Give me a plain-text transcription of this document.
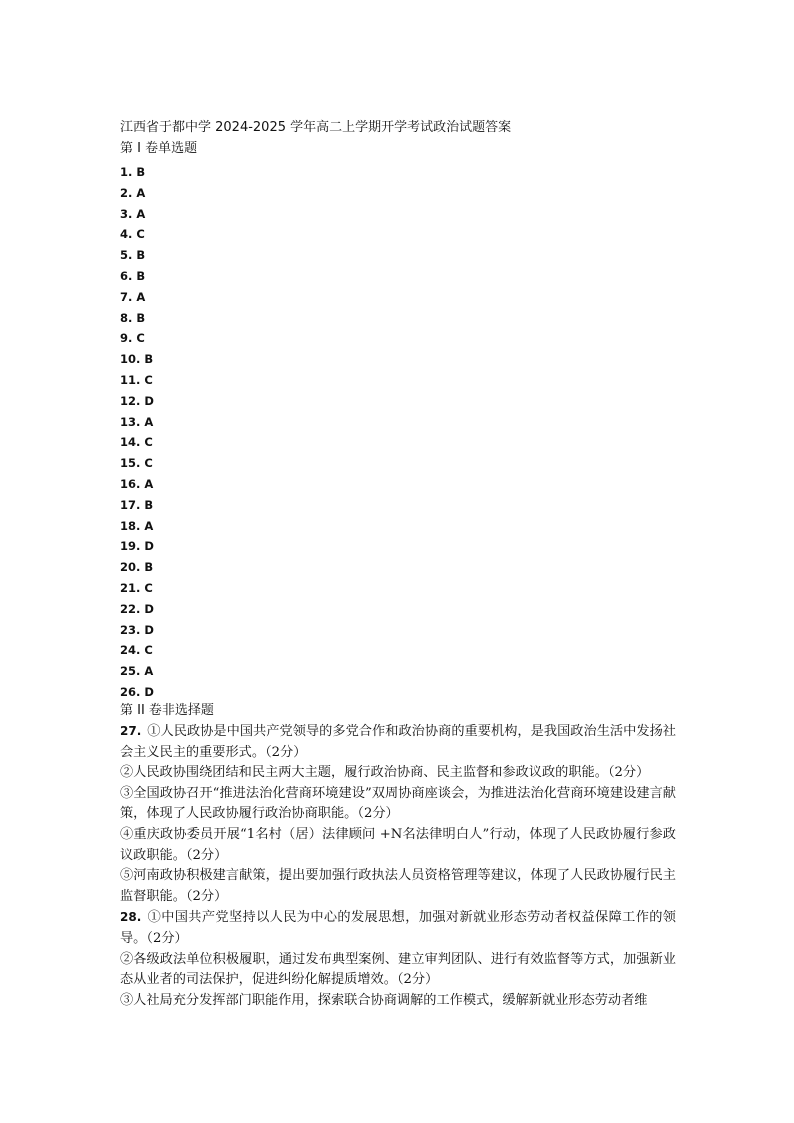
江西省于都中学 2024-2025 学年高二上学期开学考试政治试题答案
第 I 卷单选题
1. B
2. A
3. A
4. C
5. B
6. B
7. A
8. B
9. C
10. B
11. C
12. D
13. A
14. C
15. C
16. A
17. B
18. A
19. D
20. B
21. C
22. D
23. D
24. C
25. A
26. D
第 II 卷非选择题

27. ①人民政协是中国共产党领导的多党合作和政治协商的重要机构，是我国政治生活中发扬社会主义民主的重要形式。（2分）

②人民政协围绕团结和民主两大主题，履行政治协商、民主监督和参政议政的职能。（2分）

③全国政协召开“推进法治化营商环境建设”双周协商座谈会，为推进法治化营商环境建设建言献策，体现了人民政协履行政治协商职能。（2分）

④重庆政协委员开展“1名村（居）法律顾问 +N名法律明白人”行动，体现了人民政协履行参政议政职能。（2分）

⑤河南政协积极建言献策，提出要加强行政执法人员资格管理等建议，体现了人民政协履行民主监督职能。（2分）

28. ①中国共产党坚持以人民为中心的发展思想，加强对新就业形态劳动者权益保障工作的领导。（2分）

②各级政法单位积极履职，通过发布典型案例、建立审判团队、进行有效监督等方式，加强新业态从业者的司法保护，促进纠纷化解提质增效。（2分）

③人社局充分发挥部门职能作用，探索联合协商调解的工作模式，缓解新就业形态劳动者维
